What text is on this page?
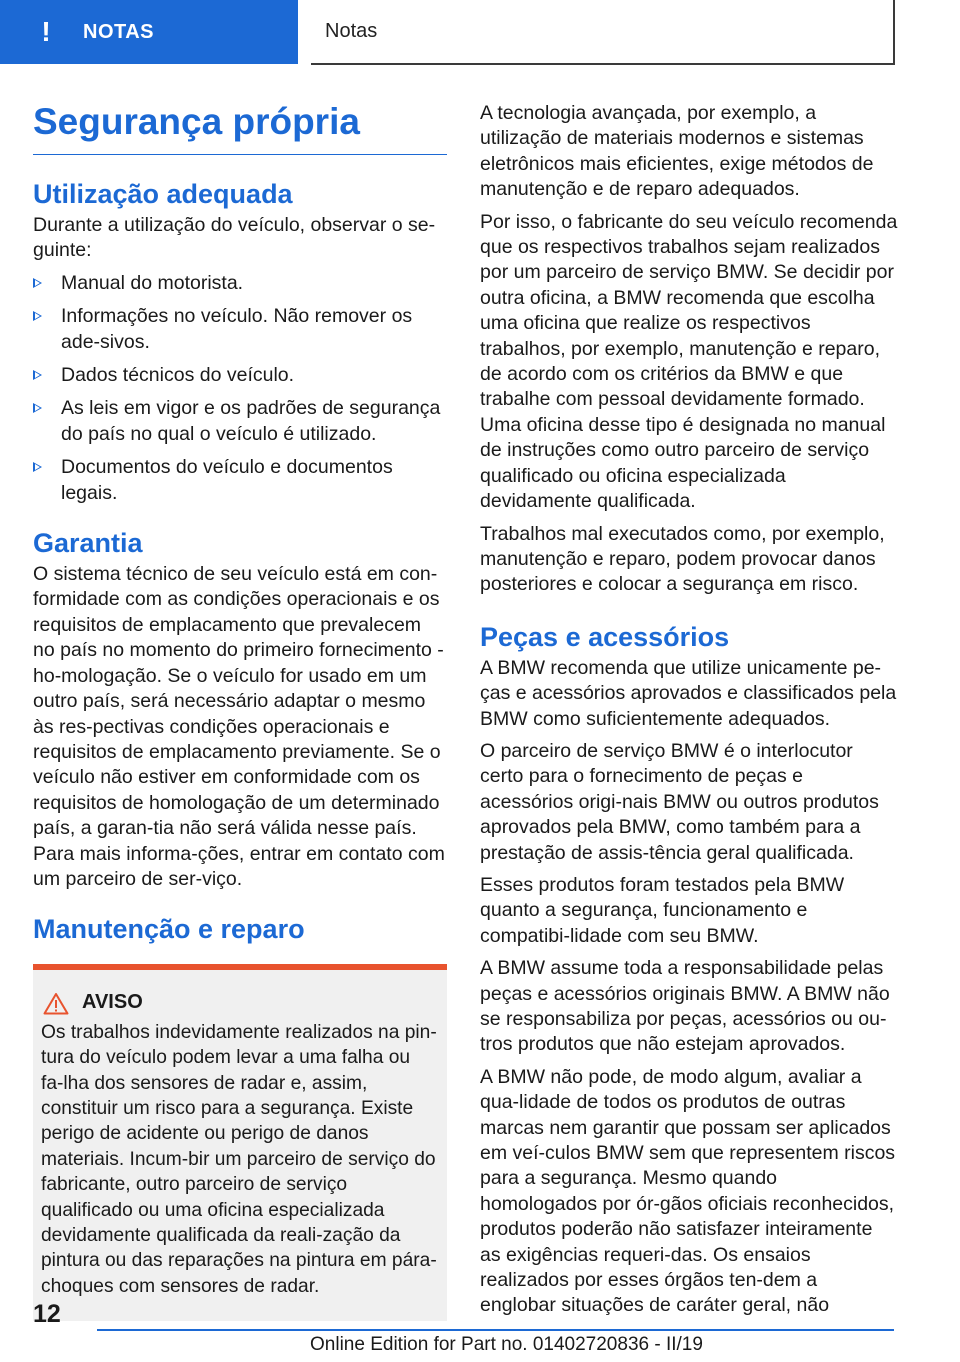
! NOTAS	Notas
Segurança própria
Utilização adequada

Durante a utilização do veículo, observar o se-guinte:

Manual do motorista.
Informações no veículo. Não remover os ade-sivos.
Dados técnicos do veículo.
As leis em vigor e os padrões de segurança do país no qual o veículo é utilizado.
Documentos do veículo e documentos legais.
Garantia

O sistema técnico de seu veículo está em con-formidade com as condições operacionais e os requisitos de emplacamento que prevalecem no país no momento do primeiro fornecimento - ho-mologação. Se o veículo for usado em um outro país, será necessário adaptar o mesmo às res-pectivas condições operacionais e requisitos de emplacamento previamente. Se o veículo não estiver em conformidade com os requisitos de homologação de um determinado país, a garan-tia não será válida nesse país. Para mais informa-ções, entrar em contato com um parceiro de ser-viço.

Manutenção e reparo
AVISO

Os trabalhos indevidamente realizados na pin-tura do veículo podem levar a uma falha ou fa-lha dos sensores de radar e, assim, constituir um risco para a segurança. Existe perigo de acidente ou perigo de danos materiais. Incum-bir um parceiro de serviço do fabricante, outro parceiro de serviço qualificado ou uma oficina especializada devidamente qualificada da reali-zação da pintura ou das reparações na pintura em pára-choques com sensores de radar.

A tecnologia avançada, por exemplo, a utilização de materiais modernos e sistemas eletrônicos mais eficientes, exige métodos de manutenção e de reparo adequados.

Por isso, o fabricante do seu veículo recomenda que os respectivos trabalhos sejam realizados por um parceiro de serviço BMW. Se decidir por outra oficina, a BMW recomenda que escolha uma oficina que realize os respectivos trabalhos, por exemplo, manutenção e reparo, de acordo com os critérios da BMW e que trabalhe com pessoal devidamente formado. Uma oficina desse tipo é designada no manual de instruções como outro parceiro de serviço qualificado ou oficina especializada devidamente qualificada.

Trabalhos mal executados como, por exemplo, manutenção e reparo, podem provocar danos posteriores e colocar a segurança em risco.

Peças e acessórios

A BMW recomenda que utilize unicamente pe-ças e acessórios aprovados e classificados pela BMW como suficientemente adequados.

O parceiro de serviço BMW é o interlocutor certo para o fornecimento de peças e acessórios origi-nais BMW ou outros produtos aprovados pela BMW, como também para a prestação de assis-tência geral qualificada.

Esses produtos foram testados pela BMW quanto a segurança, funcionamento e compatibi-lidade com seu BMW.

A BMW assume toda a responsabilidade pelas peças e acessórios originais BMW. A BMW não se responsabiliza por peças, acessórios ou ou-tros produtos que não estejam aprovados.

A BMW não pode, de modo algum, avaliar a qua-lidade de todos os produtos de outras marcas nem garantir que possam ser aplicados em veí-culos BMW sem que representem riscos para a segurança. Mesmo quando homologados por ór-gãos oficiais reconhecidos, produtos poderão não satisfazer inteiramente as exigências requeri-das. Os ensaios realizados por esses órgãos ten-dem a englobar situações de caráter geral, não

12
Online Edition for Part no. 01402720836 - II/19
